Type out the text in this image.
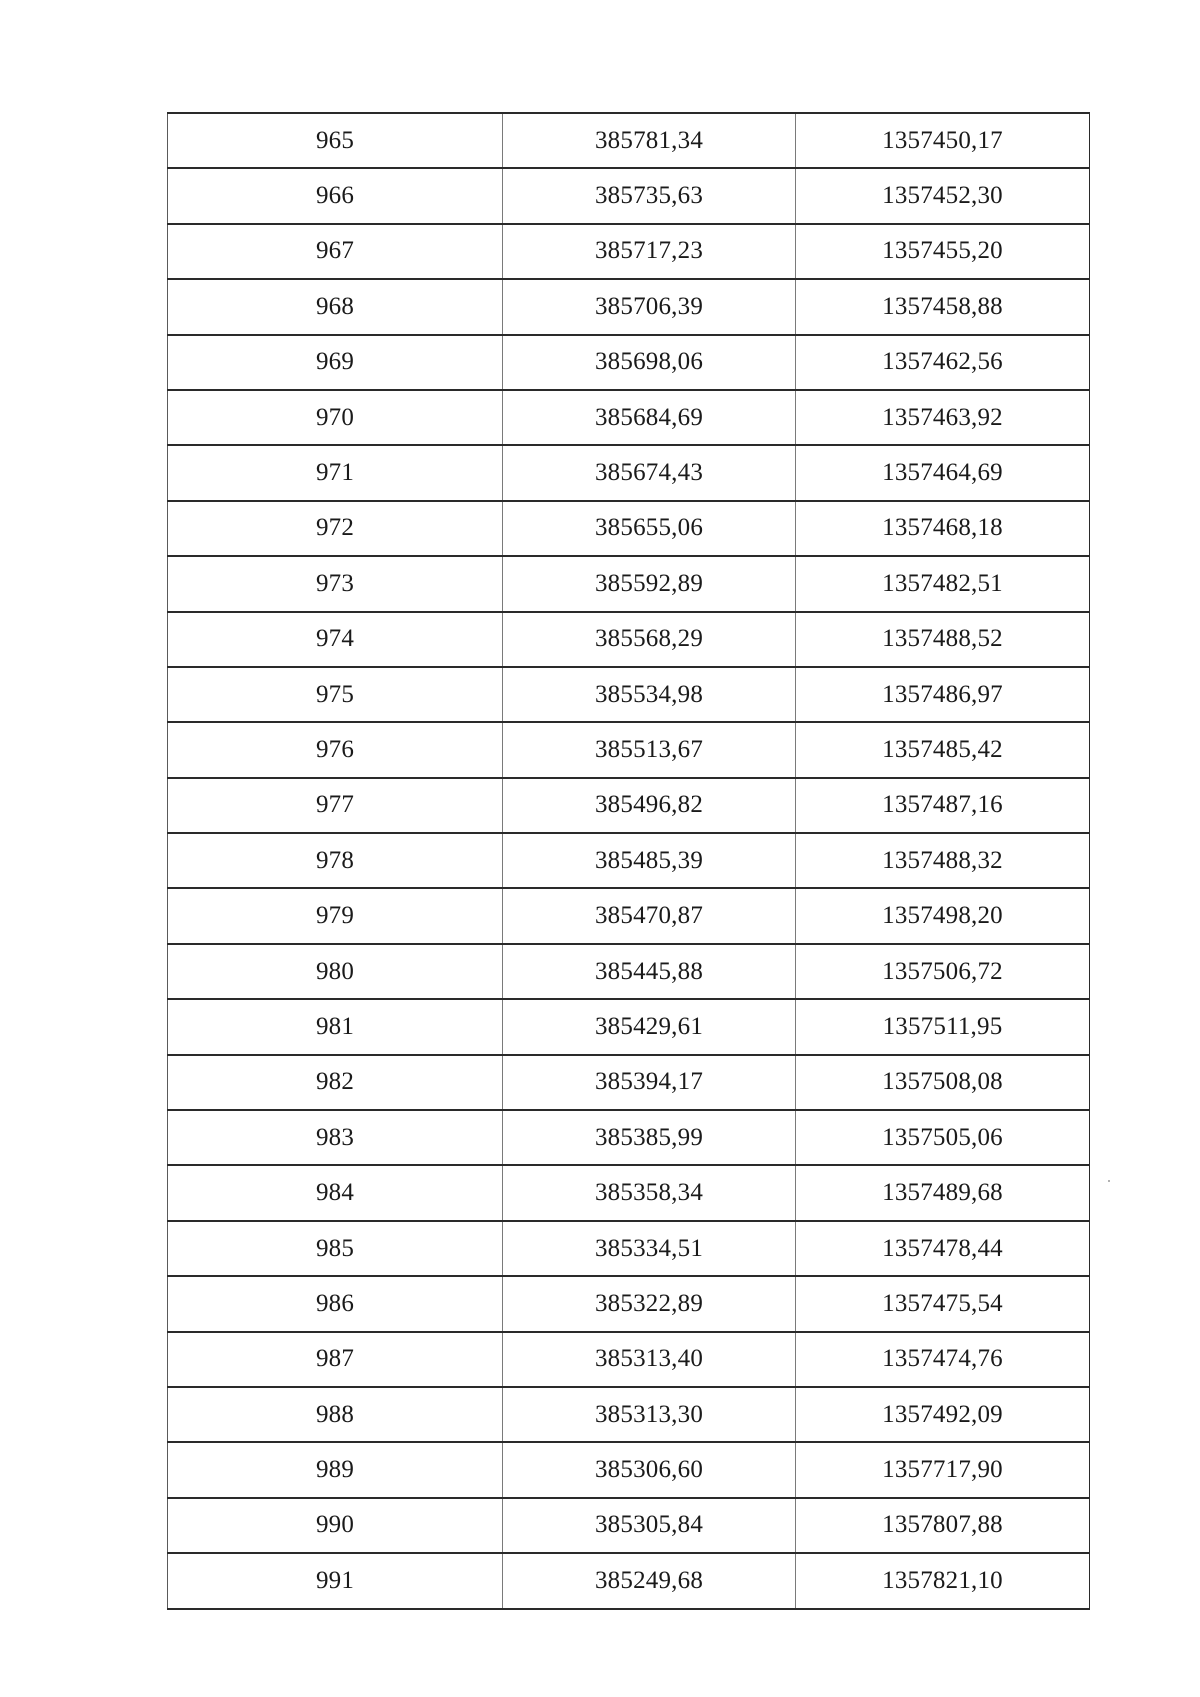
965	385781,34	1357450,17
966	385735,63	1357452,30
967	385717,23	1357455,20
968	385706,39	1357458,88
969	385698,06	1357462,56
970	385684,69	1357463,92
971	385674,43	1357464,69
972	385655,06	1357468,18
973	385592,89	1357482,51
974	385568,29	1357488,52
975	385534,98	1357486,97
976	385513,67	1357485,42
977	385496,82	1357487,16
978	385485,39	1357488,32
979	385470,87	1357498,20
980	385445,88	1357506,72
981	385429,61	1357511,95
982	385394,17	1357508,08
983	385385,99	1357505,06
984	385358,34	1357489,68
985	385334,51	1357478,44
986	385322,89	1357475,54
987	385313,40	1357474,76
988	385313,30	1357492,09
989	385306,60	1357717,90
990	385305,84	1357807,88
991	385249,68	1357821,10
